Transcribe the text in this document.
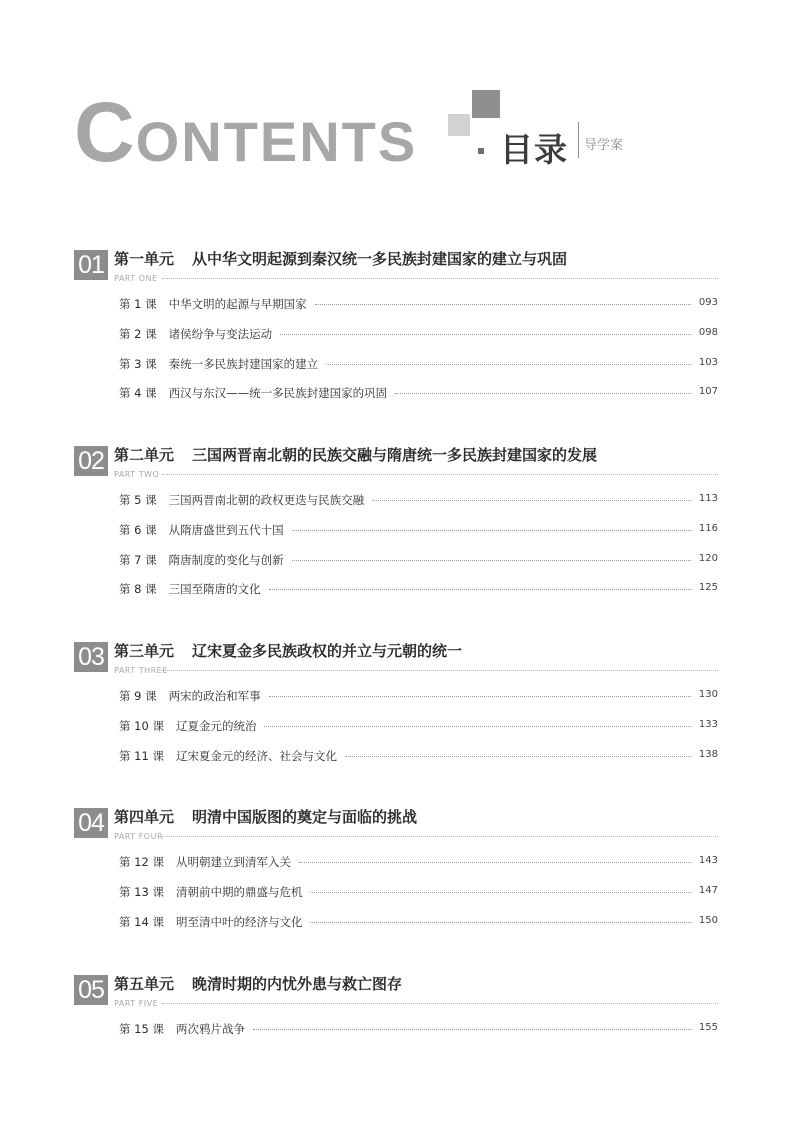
CONTENTS	目录 导学案
01 第一单元 从中华文明起源到秦汉统一多民族封建国家的建立与巩固
PART ONE
第 1 课 中华文明的起源与早期国家	093
第 2 课 诸侯纷争与变法运动	098
第 3 课 秦统一多民族封建国家的建立	103
第 4 课 西汉与东汉——统一多民族封建国家的巩固	107
02 第二单元 三国两晋南北朝的民族交融与隋唐统一多民族封建国家的发展
PART TWO
第 5 课 三国两晋南北朝的政权更迭与民族交融	113
第 6 课 从隋唐盛世到五代十国	116
第 7 课 隋唐制度的变化与创新	120
第 8 课 三国至隋唐的文化	125
03 第三单元 辽宋夏金多民族政权的并立与元朝的统一
PART THREE
第 9 课 两宋的政治和军事	130
第 10 课 辽夏金元的统治	133
第 11 课 辽宋夏金元的经济、社会与文化	138
04 第四单元 明清中国版图的奠定与面临的挑战
PART FOUR
第 12 课 从明朝建立到清军入关	143
第 13 课 清朝前中期的鼎盛与危机	147
第 14 课 明至清中叶的经济与文化	150
05 第五单元 晚清时期的内忧外患与救亡图存
PART FIVE
第 15 课 两次鸦片战争	155
